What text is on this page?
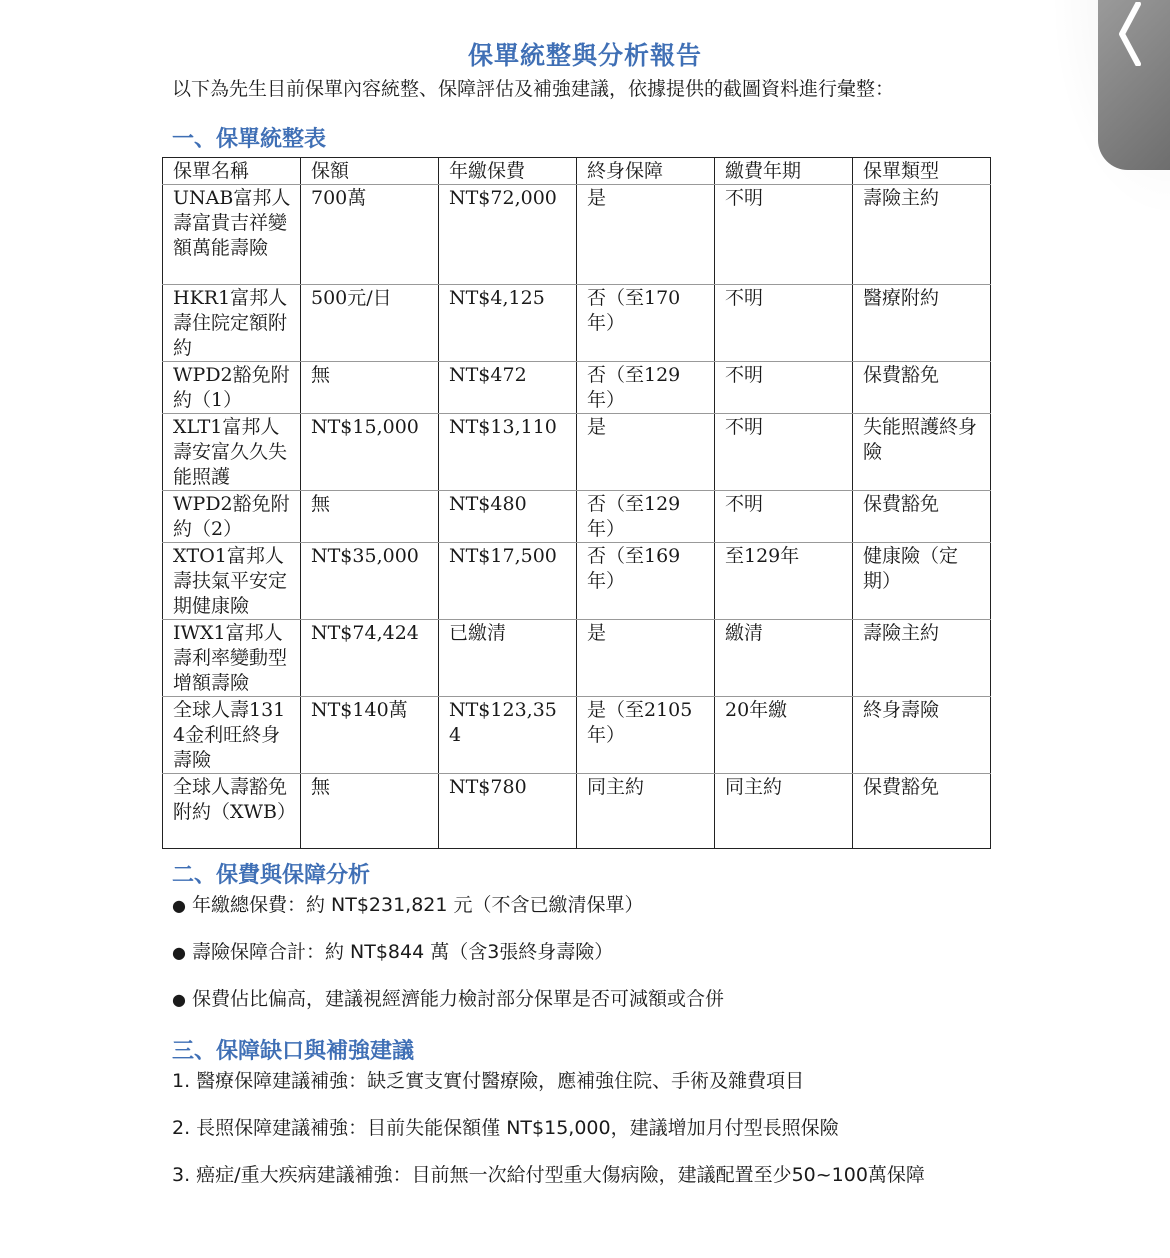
保單統整與分析報告

以下為先生目前保單內容統整、保障評估及補強建議，依據提供的截圖資料進行彙整：

一、保單統整表
保單名稱	保額	年繳保費	終身保障	繳費年期	保單類型
UNAB富邦人壽富貴吉祥變額萬能壽險	700萬	NT$72,000	是	不明	壽險主約
HKR1富邦人壽住院定額附約	500元/日	NT$4,125	否（至170年）	不明	醫療附約
WPD2豁免附約（1）	無	NT$472	否（至129年）	不明	保費豁免
XLT1富邦人壽安富久久失能照護	NT$15,000	NT$13,110	是	不明	失能照護終身險
WPD2豁免附約（2）	無	NT$480	否（至129年）	不明	保費豁免
XTO1富邦人壽扶氣平安定期健康險	NT$35,000	NT$17,500	否（至169年）	至129年	健康險（定期）
IWX1富邦人壽利率變動型增額壽險	NT$74,424	已繳清	是	繳清	壽險主約
全球人壽1314金利旺終身壽險	NT$140萬	NT$123,354	是（至2105年）	20年繳	終身壽險
全球人壽豁免附約（XWB）	無	NT$780	同主約	同主約	保費豁免
二、保費與保障分析
● 年繳總保費：約 NT$231,821 元（不含已繳清保單）
● 壽險保障合計：約 NT$844 萬（含3張終身壽險）
● 保費佔比偏高，建議視經濟能力檢討部分保單是否可減額或合併
三、保障缺口與補強建議
1. 醫療保障建議補強：缺乏實支實付醫療險，應補強住院、手術及雜費項目
2. 長照保障建議補強：目前失能保額僅 NT$15,000，建議增加月付型長照保險
3. 癌症/重大疾病建議補強：目前無一次給付型重大傷病險，建議配置至少50~100萬保障
